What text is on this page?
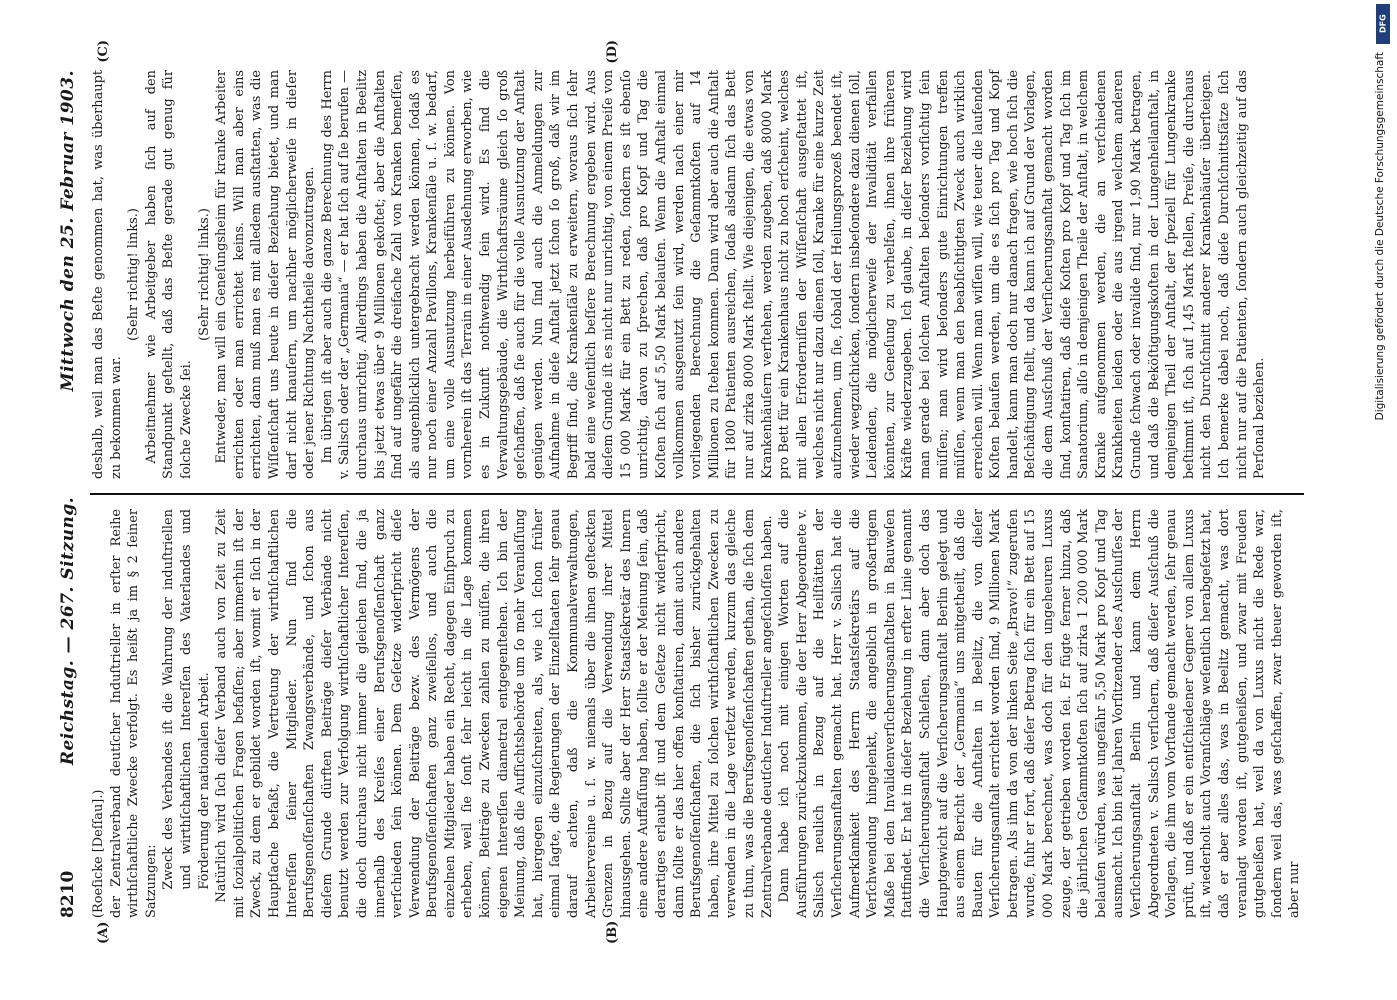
8210
Reichstag. — 267. Sitzung.
Mittwoch den 25. Februar 1903.
(A)	(B)
(C)	(D)

(Roeſicke [Deſſau].) der Zentralverband deutſcher Induſtrieller in erſter Reihe wirthſchaftliche Zwecke verfolgt. Es heißt ja im § 2 ſeiner Satzungen: Zweck des Verbandes iſt die Wahrung der induſtriellen und wirthſchaftlichen Intereſſen des Vaterlandes und Förderung der nationalen Arbeit. Natürlich wird ſich dieſer Verband auch von Zeit zu Zeit mit ſozialpolitiſchen Fragen befaſſen; aber immerhin iſt der Zweck, zu dem er gebildet worden iſt, womit er ſich in der Hauptſache befaßt, die Vertretung der wirthſchaftlichen Intereſſen ſeiner Mitglieder. Nun ſind die Berufsgenoſſenſchaften Zwangsverbände, und ſchon aus dieſem Grunde dürften Beiträge dieſer Verbände nicht benutzt werden zur Verfolgung wirthſchaftlicher Intereſſen, die doch durchaus nicht immer die gleichen ſind, die ja innerhalb des Kreiſes einer Berufsgenoſſenſchaft ganz verſchieden ſein können. Dem Geſetze widerſpricht dieſe Verwendung der Beiträge bezw. des Vermögens der Berufsgenoſſenſchaften ganz zweifellos, und auch die einzelnen Mitglieder haben ein Recht, dagegen Einſpruch zu erheben, weil ſie ſonſt ſehr leicht in die Lage kommen können, Beiträge zu Zwecken zahlen zu müſſen, die ihren eigenen Intereſſen diametral entgegenſtehen. Ich bin der Meinung, daß die Aufſichtsbehörde um ſo mehr Veranlaſſung hat, hiergegen einzuſchreiten, als, wie ich ſchon früher einmal ſagte, die Regierungen der Einzelſtaaten ſehr genau darauf achten, daß die Kommunalverwaltungen, Arbeitervereine u. ſ. w. niemals über die ihnen geſteckten Grenzen in Bezug auf die Verwendung ihrer Mittel hinausgehen. Sollte aber der Herr Staatsſekretär des Innern eine andere Auffaſſung haben, ſollte er der Meinung ſein, daß derartiges erlaubt iſt und dem Geſetze nicht widerſpricht, dann ſollte er das hier offen konſtatiren, damit auch andere Berufsgenoſſenſchaften, die ſich bisher zurückgehalten haben, ihre Mittel zu ſolchen wirthſchaftlichen Zwecken zu verwenden in die Lage verſetzt werden, kurzum das gleiche zu thun, was die Berufsgenoſſenſchaften gethan, die ſich dem Zentralverbande deutſcher Induſtrieller angeſchloſſen haben. Dann habe ich noch mit einigen Worten auf die Ausführungen zurückzukommen, die der Herr Abgeordnete v. Salisch neulich in Bezug auf die Heilſtätten der Verſicherungsanſtalten gemacht hat. Herr v. Salisch hat die Aufmerkſamkeit des Herrn Staatsſekretärs auf die Verſchwendung hingelenkt, die angeblich in großartigem Maße bei den Invalidenverſicherungsanſtalten in Bauweſen ſtattfindet. Er hat in dieſer Beziehung in erſter Linie genannt die Verſicherungsanſtalt Schleſien, dann aber doch das Hauptgewicht auf die Verſicherungsanſtalt Berlin gelegt und aus einem Bericht der „Germania“ uns mitgetheilt, daß die Bauten für die Anſtalten in Beelitz, die von dieſer Verſicherungsanſtalt errichtet worden ſind, 9 Millionen Mark betragen. Als ihm da von der linken Seite „Bravo!“ zugerufen wurde, fuhr er fort, daß dieſer Betrag ſich für ein Bett auf 15 000 Mark berechnet, was doch für den ungeheuren Luxus zeuge, der getrieben worden ſei. Er fügte ferner hinzu, daß die jährlichen Geſammtkoſten ſich auf zirka 1 200 000 Mark belaufen würden, was ungefähr 5,50 Mark pro Kopf und Tag ausmacht. Ich bin ſeit Jahren Vorſitzender des Ausſchuſſes der Verſicherungsanſtalt Berlin und kann dem Herrn Abgeordneten v. Salisch verſichern, daß dieſer Ausſchuß die Vorlagen, die ihm vom Vorſtande gemacht werden, ſehr genau prüft, und daß er ein entſchiedener Gegner von allem Luxus iſt, wiederholt auch Voranſchläge weſentlich herabgeſetzt hat, daß er aber alles das, was in Beelitz gemacht, was dort veranlagt worden iſt, gutgeheißen, und zwar mit Freuden gutgeheißen hat, weil da von Luxus nicht die Rede war, ſondern weil das, was geſchaffen, zwar theuer geworden iſt, aber nur

deshalb, weil man das Beſte genommen hat, was überhaupt zu bekommen war.

(Sehr richtig! links.) Arbeitnehmer wie Arbeitgeber haben ſich auf den Standpunkt geſtellt, daß das Beſte gerade gut genug für ſolche Zwecke ſei.

(Sehr richtig! links.) Entweder, man will ein Geneſungsheim für kranke Arbeiter errichten oder man errichtet keins. Will man aber eins errichten, dann muß man es mit alledem ausſtatten, was die Wiſſenſchaft uns heute in dieſer Beziehung bietet, und man darf nicht knauſern, um nachher möglicherweiſe in dieſer oder jener Richtung Nachtheile davonzutragen. Im übrigen iſt aber auch die ganze Berechnung des Herrn v. Salisch oder der „Germania“ — er hat ſich auf ſie berufen — durchaus unrichtig. Allerdings haben die Anſtalten in Beelitz bis jetzt etwas über 9 Millionen gekoſtet; aber die Anſtalten ſind auf ungefähr die dreifache Zahl von Kranken bemeſſen, als augenblicklich untergebracht werden können, ſodaß es nur noch einer Anzahl Pavillons, Krankenſäle u. ſ. w. bedarf, um eine volle Ausnutzung herbeiführen zu können. Von vornherein iſt das Terrain in einer Ausdehnung erworben, wie es in Zukunft nothwendig ſein wird. Es ſind die Verwaltungsgebäude, die Wirthſchaftsräume gleich ſo groß geſchaffen, daß ſie auch für die volle Ausnutzung der Anſtalt genügen werden. Nun ſind auch die Anmeldungen zur Aufnahme in dieſe Anſtalt jetzt ſchon ſo groß, daß wir im Begriff ſind, die Krankenſäle zu erweitern, woraus ſich ſehr bald eine weſentlich beſſere Berechnung ergeben wird. Aus dieſem Grunde iſt es nicht nur unrichtig, von einem Preiſe von 15 000 Mark für ein Bett zu reden, ſondern es iſt ebenſo unrichtig, davon zu ſprechen, daß pro Kopf und Tag die Koſten ſich auf 5,50 Mark belaufen. Wenn die Anſtalt einmal vollkommen ausgenutzt ſein wird, werden nach einer mir vorliegenden Berechnung die Geſammtkoſten auf 14 Millionen zu ſtehen kommen. Dann wird aber auch die Anſtalt für 1800 Patienten ausreichen, ſodaß alsdann ſich das Bett nur auf zirka 8000 Mark ſtellt. Wie diejenigen, die etwas von Krankenhäuſern verſtehen, werden zugeben, daß 8000 Mark pro Bett für ein Krankenhaus nicht zu hoch erſcheint, welches mit allen Erforderniſſen der Wiſſenſchaft ausgeſtattet iſt, welches nicht nur dazu dienen ſoll, Kranke für eine kurze Zeit aufzunehmen, um ſie, ſobald der Heilungsprozeß beendet iſt, wieder wegzuſchicken, ſondern insbeſondere dazu dienen ſoll, Leidenden, die möglicherweiſe der Invalidität verfallen könnten, zur Geneſung zu verhelfen, ihnen ihre früheren Kräfte wiederzugeben. Ich glaube, in dieſer Beziehung wird man gerade bei ſolchen Anſtalten beſonders vorſichtig ſein müſſen; man wird beſonders gute Einrichtungen treffen müſſen, wenn man den beabſichtigten Zweck auch wirklich erreichen will. Wenn man wiſſen will, wie teuer die laufenden Koſten belaufen werden, um die es ſich pro Tag und Kopf handelt, kann man doch nur danach fragen, wie hoch ſich die Beſchäftigung ſtellt, und da kann ich auf Grund der Vorlagen, die dem Ausſchuß der Verſicherungsanſtalt gemacht worden ſind, konſtatiren, daß dieſe Koſten pro Kopf und Tag ſich im Sanatorium, alſo in demjenigen Theile der Anſtalt, in welchem Kranke aufgenommen werden, die an verſchiedenen Krankheiten leiden oder die aus irgend welchem anderen Grunde ſchwach oder invalide ſind, nur 1,90 Mark betragen, und daß die Beköſtigungskoſten in der Lungenheilanſtalt, in demjenigen Theil der Anſtalt, der ſpeziell für Lungenkranke beſtimmt iſt, ſich auf 1,45 Mark ſtellen, Preiſe, die durchaus nicht den Durchſchnitt anderer Krankenhäuſer überſteigen. Ich bemerke dabei noch, daß dieſe Durchſchnittsſätze ſich nicht nur auf die Patienten, ſondern auch gleichzeitig auf das Perſonal beziehen.

DFG
Digitalisierung gefördert durch die Deutsche Forschungsgemeinschaft
